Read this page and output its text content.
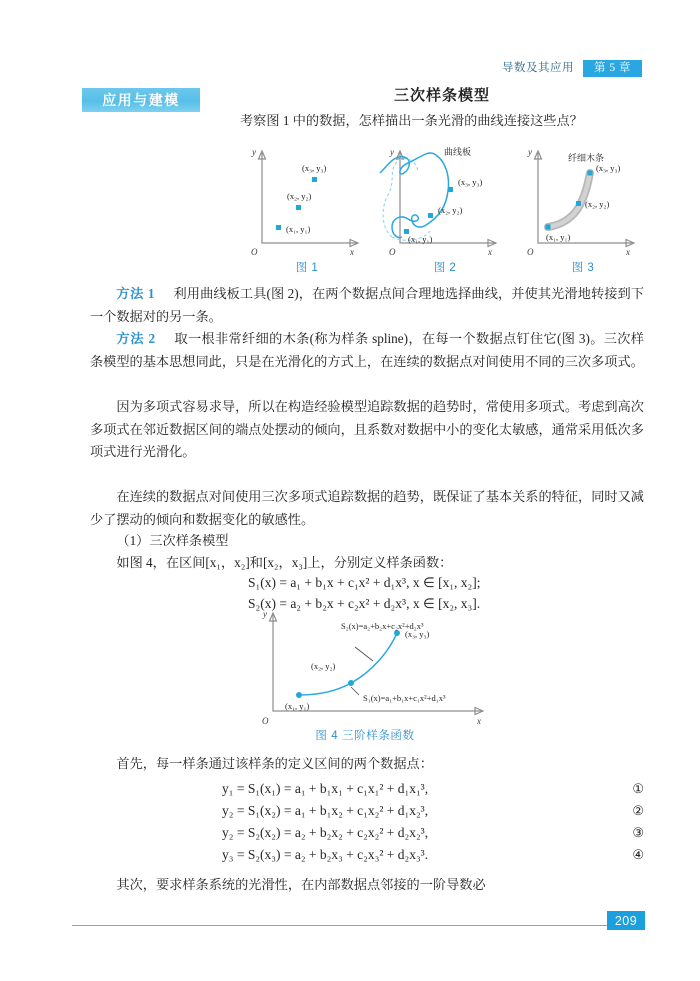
导数及其应用	第 5 章
应用与建模	三次样条模型
考察图 1 中的数据，怎样描出一条光滑的曲线连接这些点？
y
x
O
(x₃, y₃)
(x₂, y₂)
(x₁, y₁)
图 1
y
x
O
曲线板
(x₃, y₃)
(x₂, y₂)
(x₁, y₁)
图 2
y
x
O
纤细木条
(x₃, y₃)
(x₂, y₂)
(x₁, y₁)
图 3
方法 1 利用曲线板工具(图 2)，在两个数据点间合理地选择曲线，并使其光滑地转接到下一个数据对的另一条。
方法 2 取一根非常纤细的木条(称为样条 spline)，在每一个数据点钉住它(图 3)。三次样条模型的基本思想同此，只是在光滑化的方式上，在连续的数据点对间使用不同的三次多项式。
因为多项式容易求导，所以在构造经验模型追踪数据的趋势时，常使用多项式。考虑到高次多项式在邻近数据区间的端点处摆动的倾向，且系数对数据中小的变化太敏感，通常采用低次多项式进行光滑化。
在连续的数据点对间使用三次多项式追踪数据的趋势，既保证了基本关系的特征，同时又减少了摆动的倾向和数据变化的敏感性。
（1）三次样条模型
如图 4，在区间[x₁，x₂]和[x₂，x₃]上，分别定义样条函数：
S₁(x) = a₁ + b₁x + c₁x² + d₁x³, x ∈ [x₁, x₂];
S₂(x) = a₂ + b₂x + c₂x² + d₂x³, x ∈ [x₂, x₃].
y
x
O
S₂(x)=a₂+b₂x+c₂x²+d₂x³
S₁(x)=a₁+b₁x+c₁x²+d₁x³
(x₃, y₃)
(x₂, y₂)
(x₁, y₁)
图 4 三阶样条函数
首先，每一样条通过该样条的定义区间的两个数据点：
y₁ = S₁(x₁) = a₁ + b₁x₁ + c₁x₁² + d₁x₁³,	①
y₂ = S₁(x₂) = a₁ + b₁x₂ + c₁x₂² + d₁x₂³,	②
y₂ = S₂(x₂) = a₂ + b₂x₂ + c₂x₂² + d₂x₂³,	③
y₃ = S₂(x₃) = a₂ + b₂x₃ + c₂x₃² + d₂x₃³.	④
其次，要求样条系统的光滑性，在内部数据点邻接的一阶导数必
209
